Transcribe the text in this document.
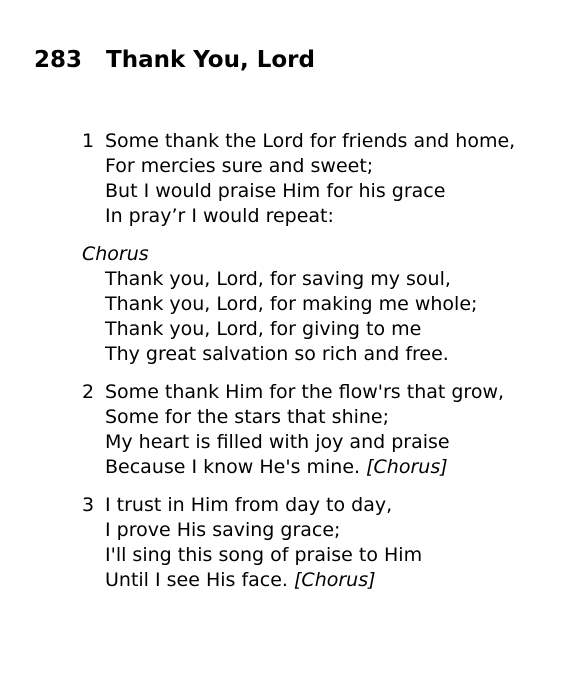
283 Thank You, Lord
1 Some thank the Lord for friends and home,
For mercies sure and sweet;
But I would praise Him for his grace
In pray’r I would repeat:
Chorus
Thank you, Lord, for saving my soul,
Thank you, Lord, for making me whole;
Thank you, Lord, for giving to me
Thy great salvation so rich and free.
2 Some thank Him for the flow'rs that grow,
Some for the stars that shine;
My heart is filled with joy and praise
Because I know He's mine. [Chorus]
3 I trust in Him from day to day,
I prove His saving grace;
I'll sing this song of praise to Him
Until I see His face. [Chorus]
